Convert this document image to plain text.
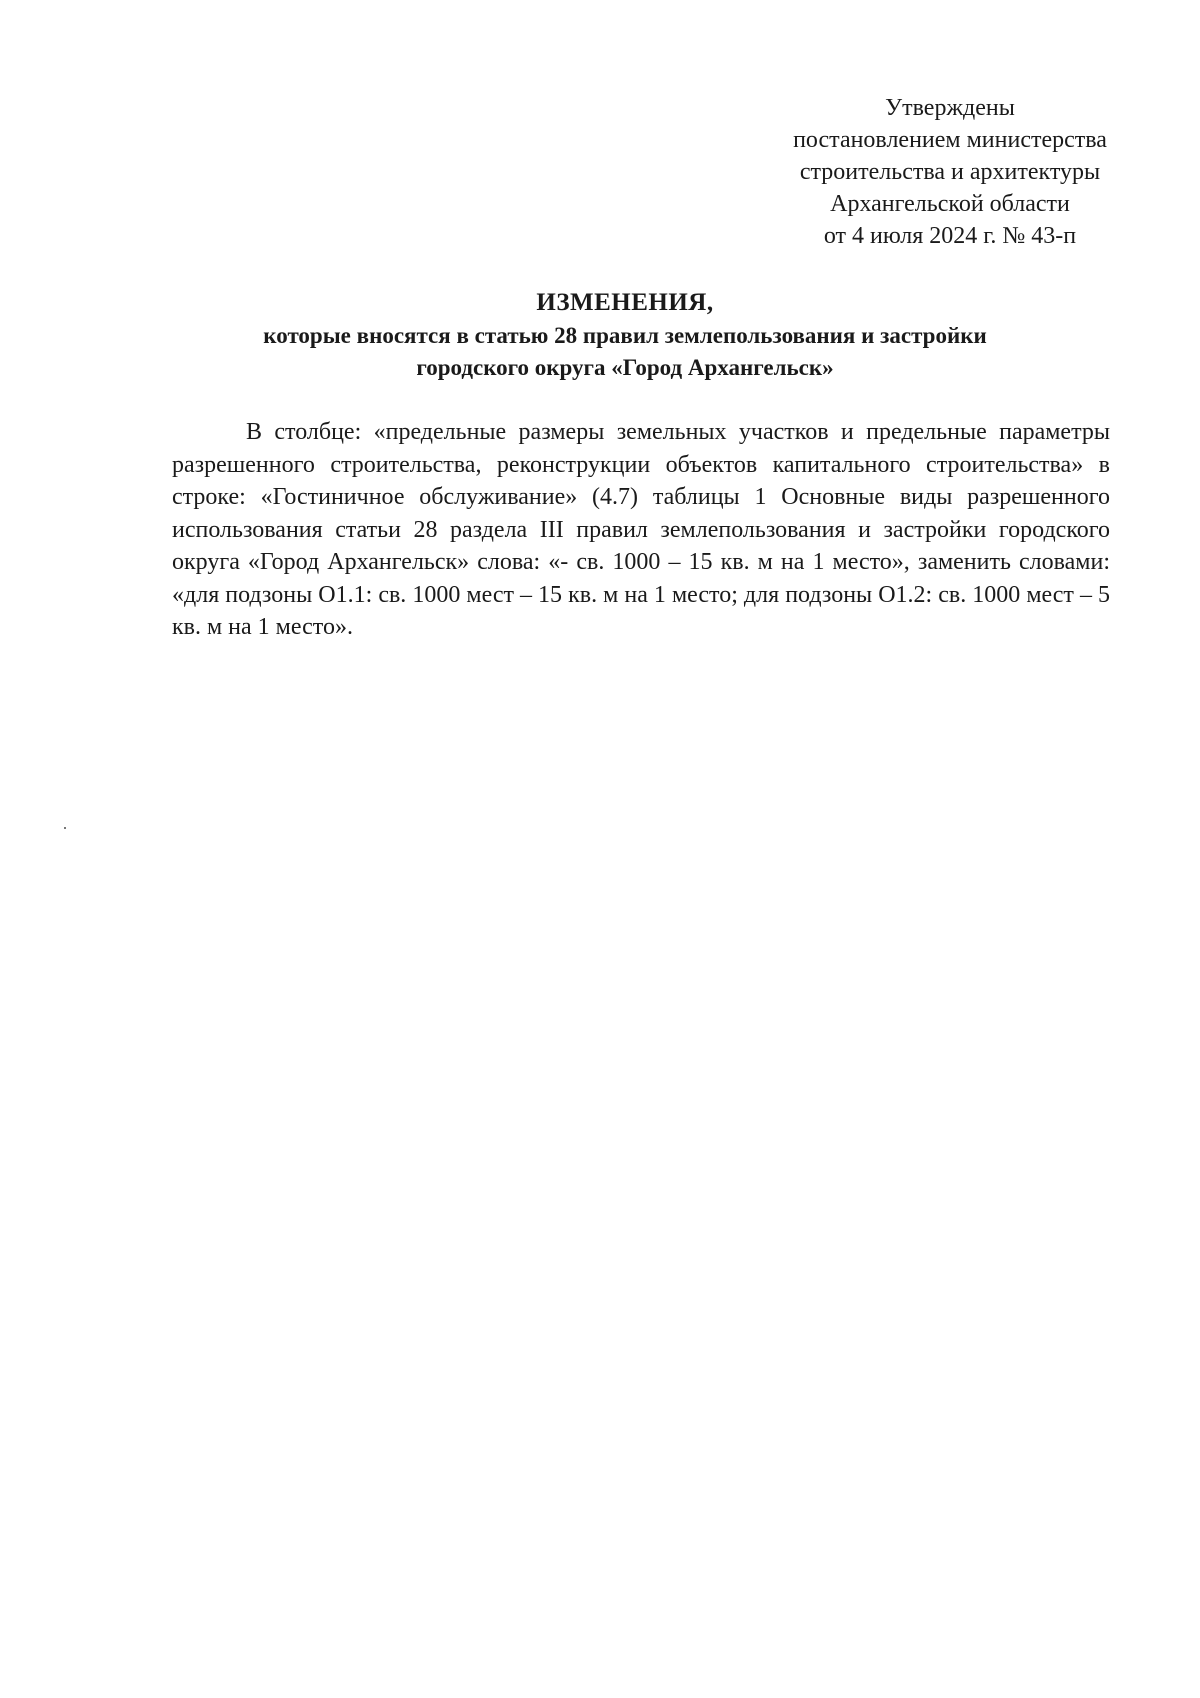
Утверждены
постановлением министерства
строительства и архитектуры
Архангельской области
от 4 июля 2024 г. № 43-п
ИЗМЕНЕНИЯ,
которые вносятся в статью 28 правил землепользования и застройки
городского округа «Город Архангельск»

В столбце: «предельные размеры земельных участков и предельные параметры разрешенного строительства, реконструкции объектов капитального строительства» в строке: «Гостиничное обслуживание» (4.7) таблицы 1 Основные виды разрешенного использования статьи 28 раздела III правил землепользования и застройки городского округа «Город Архангельск» слова: «- св. 1000 – 15 кв. м на 1 место», заменить словами: «для подзоны О1.1: св. 1000 мест – 15 кв. м на 1 место; для подзоны О1.2: св. 1000 мест – 5 кв. м на 1 место».
